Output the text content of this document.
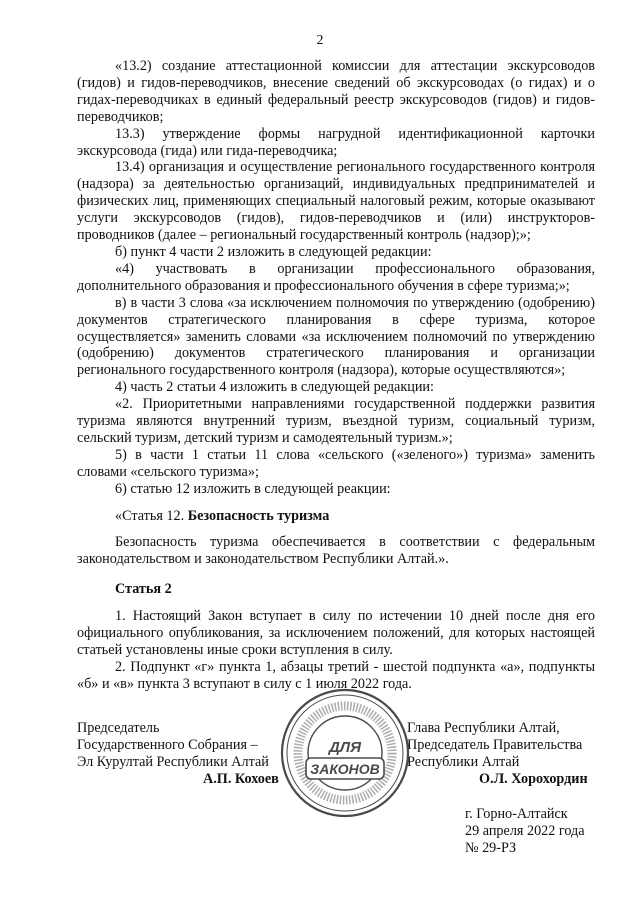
2

«13.2) создание аттестационной комиссии для аттестации экскурсоводов (гидов) и гидов-переводчиков, внесение сведений об экскурсоводах (о гидах) и о гидах-переводчиках в единый федеральный реестр экскурсоводов (гидов) и гидов-переводчиков;

13.3) утверждение формы нагрудной идентификационной карточки экскурсовода (гида) или гида-переводчика;

13.4) организация и осуществление регионального государственного контроля (надзора) за деятельностью организаций, индивидуальных предпринимателей и физических лиц, применяющих специальный налоговый режим, которые оказывают услуги экскурсоводов (гидов), гидов-переводчиков и (или) инструкторов-проводников (далее – региональный государственный контроль (надзор);»;

б) пункт 4 части 2 изложить в следующей редакции:

«4) участвовать в организации профессионального образования, дополнительного образования и профессионального обучения в сфере туризма;»;

в) в части 3 слова «за исключением полномочия по утверждению (одобрению) документов стратегического планирования в сфере туризма, которое осуществляется» заменить словами «за исключением полномочий по утверждению (одобрению) документов стратегического планирования и организации регионального государственного контроля (надзора), которые осуществляются»;

4) часть 2 статьи 4 изложить в следующей редакции:

«2. Приоритетными направлениями государственной поддержки развития туризма являются внутренний туризм, въездной туризм, социальный туризм, сельский туризм, детский туризм и самодеятельный туризм.»;

5) в части 1 статьи 11 слова «сельского («зеленого») туризма» заменить словами «сельского туризма»;

6) статью 12 изложить в следующей реакции:

«Статья 12. Безопасность туризма

Безопасность туризма обеспечивается в соответствии с федеральным законодательством и законодательством Республики Алтай.».

Статья 2

1. Настоящий Закон вступает в силу по истечении 10 дней после дня его официального опубликования, за исключением положений, для которых настоящей статьей установлены иные сроки вступления в силу.

2. Подпункт «г» пункта 1, абзацы третий - шестой подпункта «а», подпункты «б» и «в» пункта 3 вступают в силу с 1 июля 2022 года.

Председатель
Государственного Собрания –
Эл Курултай Республики Алтай
А.П. Кохоев
Глава Республики Алтай,
Председатель Правительства
Республики Алтай
О.Л. Хорохордин
г. Горно-Алтайск
29 апреля 2022 года
№ 29-РЗ
ДЛЯ
ЗАКОНОВ
